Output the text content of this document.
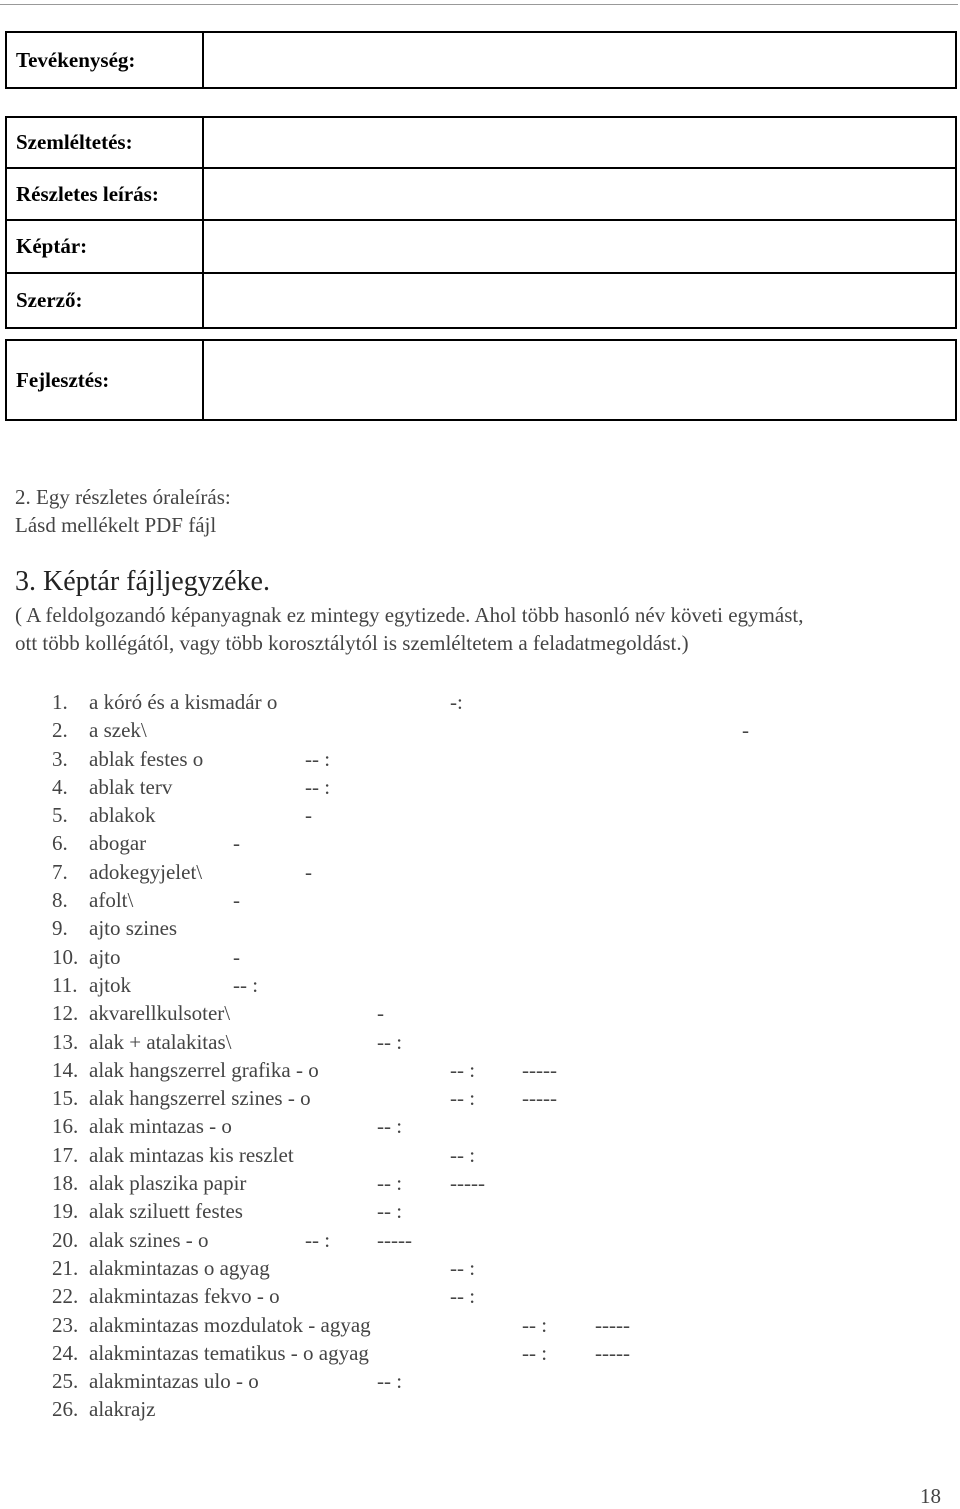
Tevékenység:	
Szemléltetés:	
Részletes leírás:	
Képtár:	
Szerző:	
Fejlesztés:	
2. Egy részletes óraleírás:
Lásd mellékelt PDF fájl
3. Képtár fájljegyzéke.
( A feldolgozandó képanyagnak ez mintegy egytizede. Ahol több hasonló név követi egymást,
ott több kollégától, vagy több korosztálytól is szemléltetem a feladatmegoldást.)
1. a kóró és a kismadár o	-:
2. a szek\	-
3. ablak festes o	-- :
4. ablak terv	-- :
5. ablakok	-
6. abogar	-
7. adokegyjelet\	-
8. afolt\	-
9. ajto szines
10. ajto	-
11. ajtok	-- :
12. akvarellkulsoter\	-
13. alak + atalakitas\	-- :
14. alak hangszerrel grafika - o	-- : -----
15. alak hangszerrel szines - o	-- : -----
16. alak mintazas - o	-- :
17. alak mintazas kis reszlet	-- :
18. alak plaszika papir	-- : -----
19. alak sziluett festes	-- :
20. alak szines - o	-- : -----
21. alakmintazas o agyag	-- :
22. alakmintazas fekvo - o	-- :
23. alakmintazas mozdulatok - agyag	-- : -----
24. alakmintazas tematikus - o agyag	-- : -----
25. alakmintazas ulo - o	-- :
26. alakrajz
18
